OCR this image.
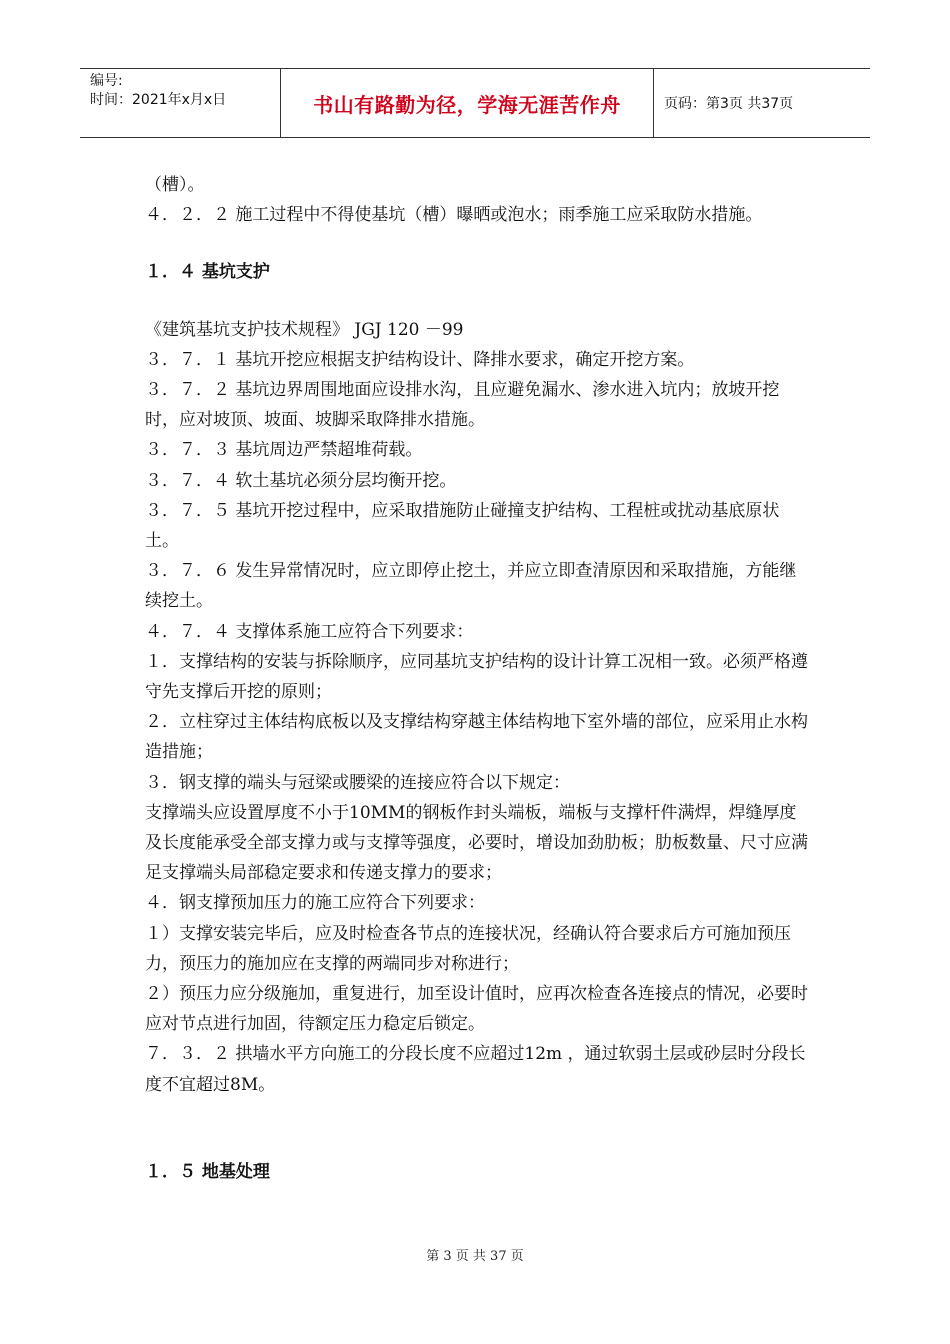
编号:
时间：2021年x月x日	书山有路勤为径，学海无涯苦作舟	页码：第3页 共37页

（槽）。

４．２．２ 施工过程中不得使基坑（槽）曝晒或泡水；雨季施工应采取防水措施。

１．４ 基坑支护

《建筑基坑支护技术规程》 JGJ 120 －99

３．７．１ 基坑开挖应根据支护结构设计、降排水要求，确定开挖方案。

３．７．２ 基坑边界周围地面应设排水沟，且应避免漏水、渗水进入坑内；放坡开挖时，应对坡顶、坡面、坡脚采取降排水措施。

３．７．３ 基坑周边严禁超堆荷载。

３．７．４ 软土基坑必须分层均衡开挖。

３．７．５ 基坑开挖过程中，应采取措施防止碰撞支护结构、工程桩或扰动基底原状土。

３．７．６ 发生异常情况时，应立即停止挖土，并应立即查清原因和采取措施，方能继续挖土。

４．７．４ 支撑体系施工应符合下列要求：

１．支撑结构的安装与拆除顺序，应同基坑支护结构的设计计算工况相一致。必须严格遵守先支撑后开挖的原则；

２．立柱穿过主体结构底板以及支撑结构穿越主体结构地下室外墙的部位，应采用止水构造措施；

３．钢支撑的端头与冠梁或腰梁的连接应符合以下规定：

支撑端头应设置厚度不小于10MM的钢板作封头端板，端板与支撑杆件满焊，焊缝厚度及长度能承受全部支撑力或与支撑等强度，必要时，增设加劲肋板；肋板数量、尺寸应满足支撑端头局部稳定要求和传递支撑力的要求；

４．钢支撑预加压力的施工应符合下列要求：

１）支撑安装完毕后，应及时检查各节点的连接状况，经确认符合要求后方可施加预压力，预压力的施加应在支撑的两端同步对称进行；

２）预压力应分级施加，重复进行，加至设计值时，应再次检查各连接点的情况，必要时应对节点进行加固，待额定压力稳定后锁定。

７．３．２ 拱墙水平方向施工的分段长度不应超过12m ，通过软弱土层或砂层时分段长度不宜超过8M。

１．５ 地基处理

第 3 页 共 37 页
